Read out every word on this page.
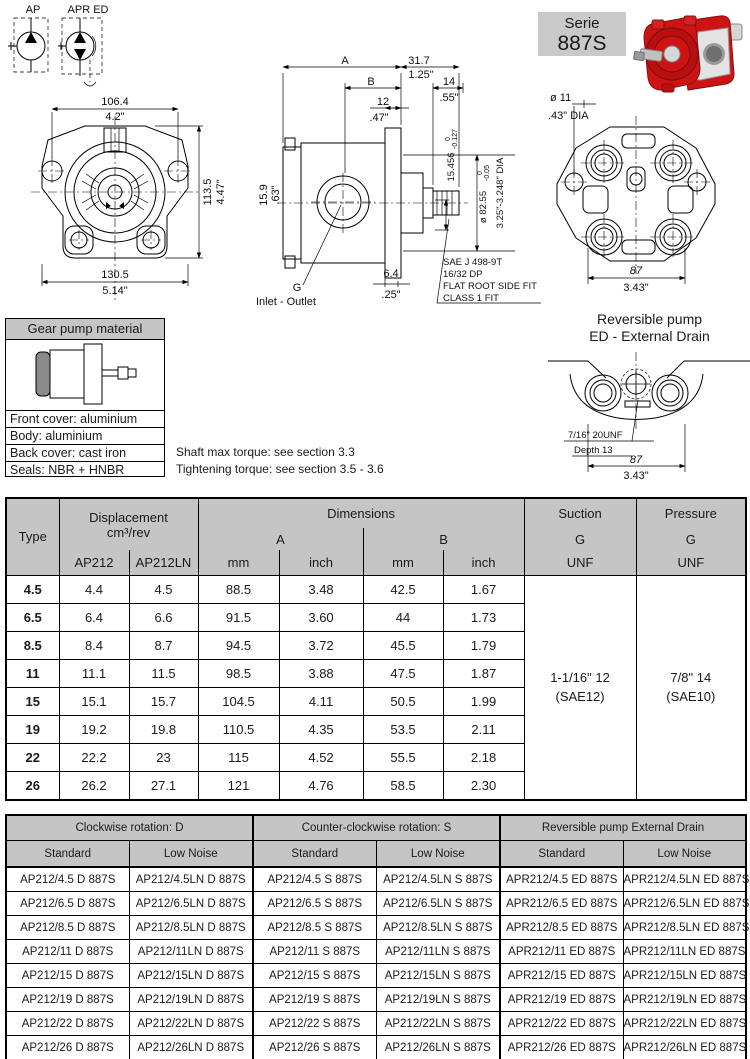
AP APR ED
Serie
887S
106.4
4.2"
130.5
5.14"
113.5 4.47"
A	31.7
1.25"
B	14
.55"
12
.47"
15.9 .63"
6.4
.25"
15.456
0 -0.127
ø 82.55
0 -0.05 3.25"-3.248" DIA
G
Inlet - Outlet
SAE J 498-9T
16/32 DP
FLAT ROOT SIDE FIT
CLASS 1 FIT
ø 11
.43" DIA
87
3.43"
Gear pump material
Front cover: aluminium
Body: aluminium
Back cover: cast iron
Seals: NBR + HNBR
Shaft max torque: see section 3.3
Tightening torque: see section 3.5 - 3.6
Reversible pump
ED - External Drain
7/16" 20UNF
Depth 13
87
3.43"
Type	Displacement
cm³/rev		Dimensions				Suction	Pressure
			A		B		G	G
	AP212	AP212LN	mm	inch	mm	inch	UNF	UNF
4.5	4.4	4.5	88.5	3.48	42.5	1.67	
1-1/16" 12
(SAE12)

7/8" 14
(SAE10)

6.5	6.4	6.6	91.5	3.60	44	1.73		
8.5	8.4	8.7	94.5	3.72	45.5	1.79		
11	11.1	11.5	98.5	3.88	47.5	1.87		
15	15.1	15.7	104.5	4.11	50.5	1.99		
19	19.2	19.8	110.5	4.35	53.5	2.11		
22	22.2	23	115	4.52	55.5	2.18		
26	26.2	27.1	121	4.76	58.5	2.30		
Clockwise rotation: D		Counter-clockwise rotation: S		Reversible pump External Drain	
Standard	Low Noise	Standard	Low Noise	Standard	Low Noise
AP212/4.5 D 887S	AP212/4.5LN D 887S	AP212/4.5 S 887S	AP212/4.5LN S 887S	APR212/4.5 ED 887S	APR212/4.5LN ED 887S
AP212/6.5 D 887S	AP212/6.5LN D 887S	AP212/6.5 S 887S	AP212/6.5LN S 887S	APR212/6.5 ED 887S	APR212/6.5LN ED 887S
AP212/8.5 D 887S	AP212/8.5LN D 887S	AP212/8.5 S 887S	AP212/8.5LN S 887S	APR212/8.5 ED 887S	APR212/8.5LN ED 887S
AP212/11 D 887S	AP212/11LN D 887S	AP212/11 S 887S	AP212/11LN S 887S	APR212/11 ED 887S	APR212/11LN ED 887S
AP212/15 D 887S	AP212/15LN D 887S	AP212/15 S 887S	AP212/15LN S 887S	APR212/15 ED 887S	APR212/15LN ED 887S
AP212/19 D 887S	AP212/19LN D 887S	AP212/19 S 887S	AP212/19LN S 887S	APR212/19 ED 887S	APR212/19LN ED 887S
AP212/22 D 887S	AP212/22LN D 887S	AP212/22 S 887S	AP212/22LN S 887S	APR212/22 ED 887S	APR212/22LN ED 887S
AP212/26 D 887S	AP212/26LN D 887S	AP212/26 S 887S	AP212/26LN S 887S	APR212/26 ED 887S	APR212/26LN ED 887S
